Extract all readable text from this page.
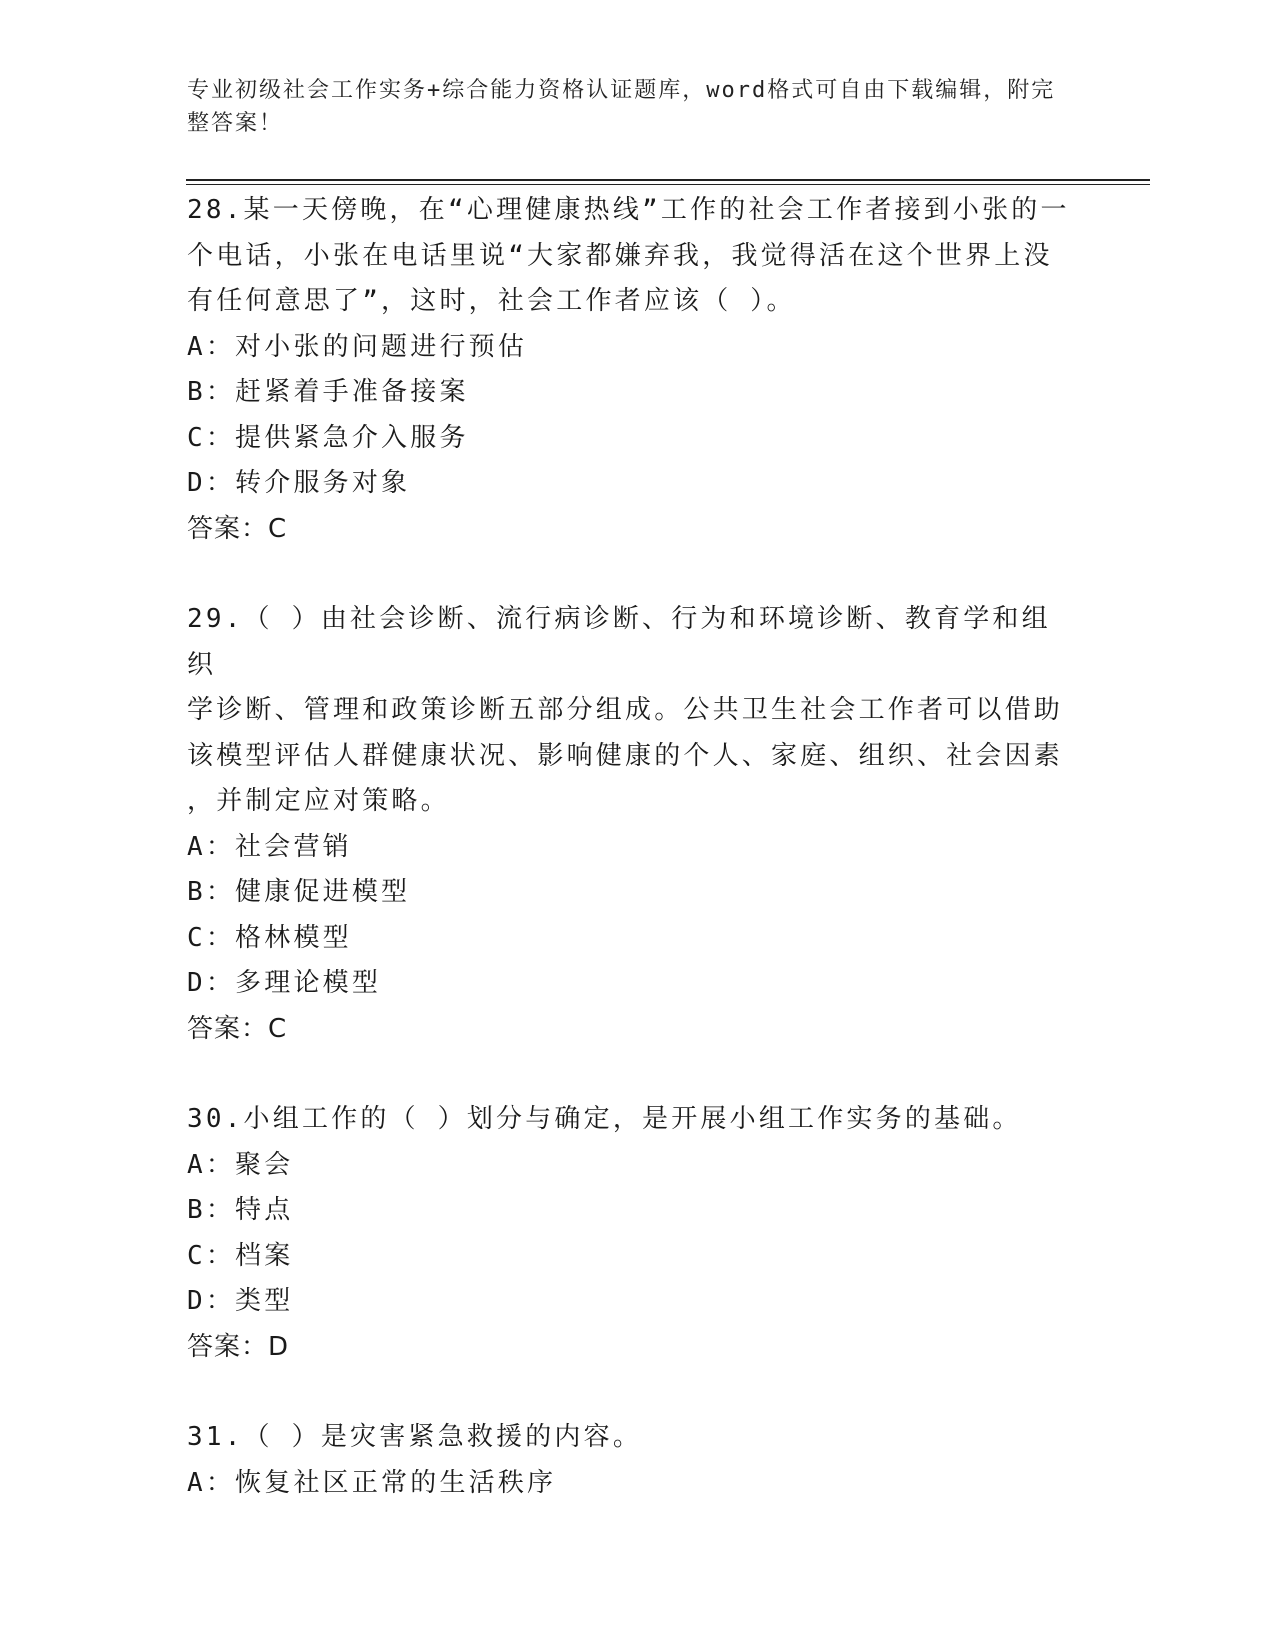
专业初级社会工作实务+综合能力资格认证题库，word格式可自由下载编辑，附完
整答案！

28.某一天傍晚，在“心理健康热线”工作的社会工作者接到小张的一

个电话，小张在电话里说“大家都嫌弃我，我觉得活在这个世界上没

有任何意思了”，这时，社会工作者应该（ ）。

A：对小张的问题进行预估

B：赶紧着手准备接案

C：提供紧急介入服务

D：转介服务对象

答案：C

29.（ ）由社会诊断、流行病诊断、行为和环境诊断、教育学和组织

学诊断、管理和政策诊断五部分组成。公共卫生社会工作者可以借助

该模型评估人群健康状况、影响健康的个人、家庭、组织、社会因素

，并制定应对策略。

A：社会营销

B：健康促进模型

C：格林模型

D：多理论模型

答案：C

30.小组工作的（ ）划分与确定，是开展小组工作实务的基础。

A：聚会

B：特点

C：档案

D：类型

答案：D

31.（ ）是灾害紧急救援的内容。

A：恢复社区正常的生活秩序
